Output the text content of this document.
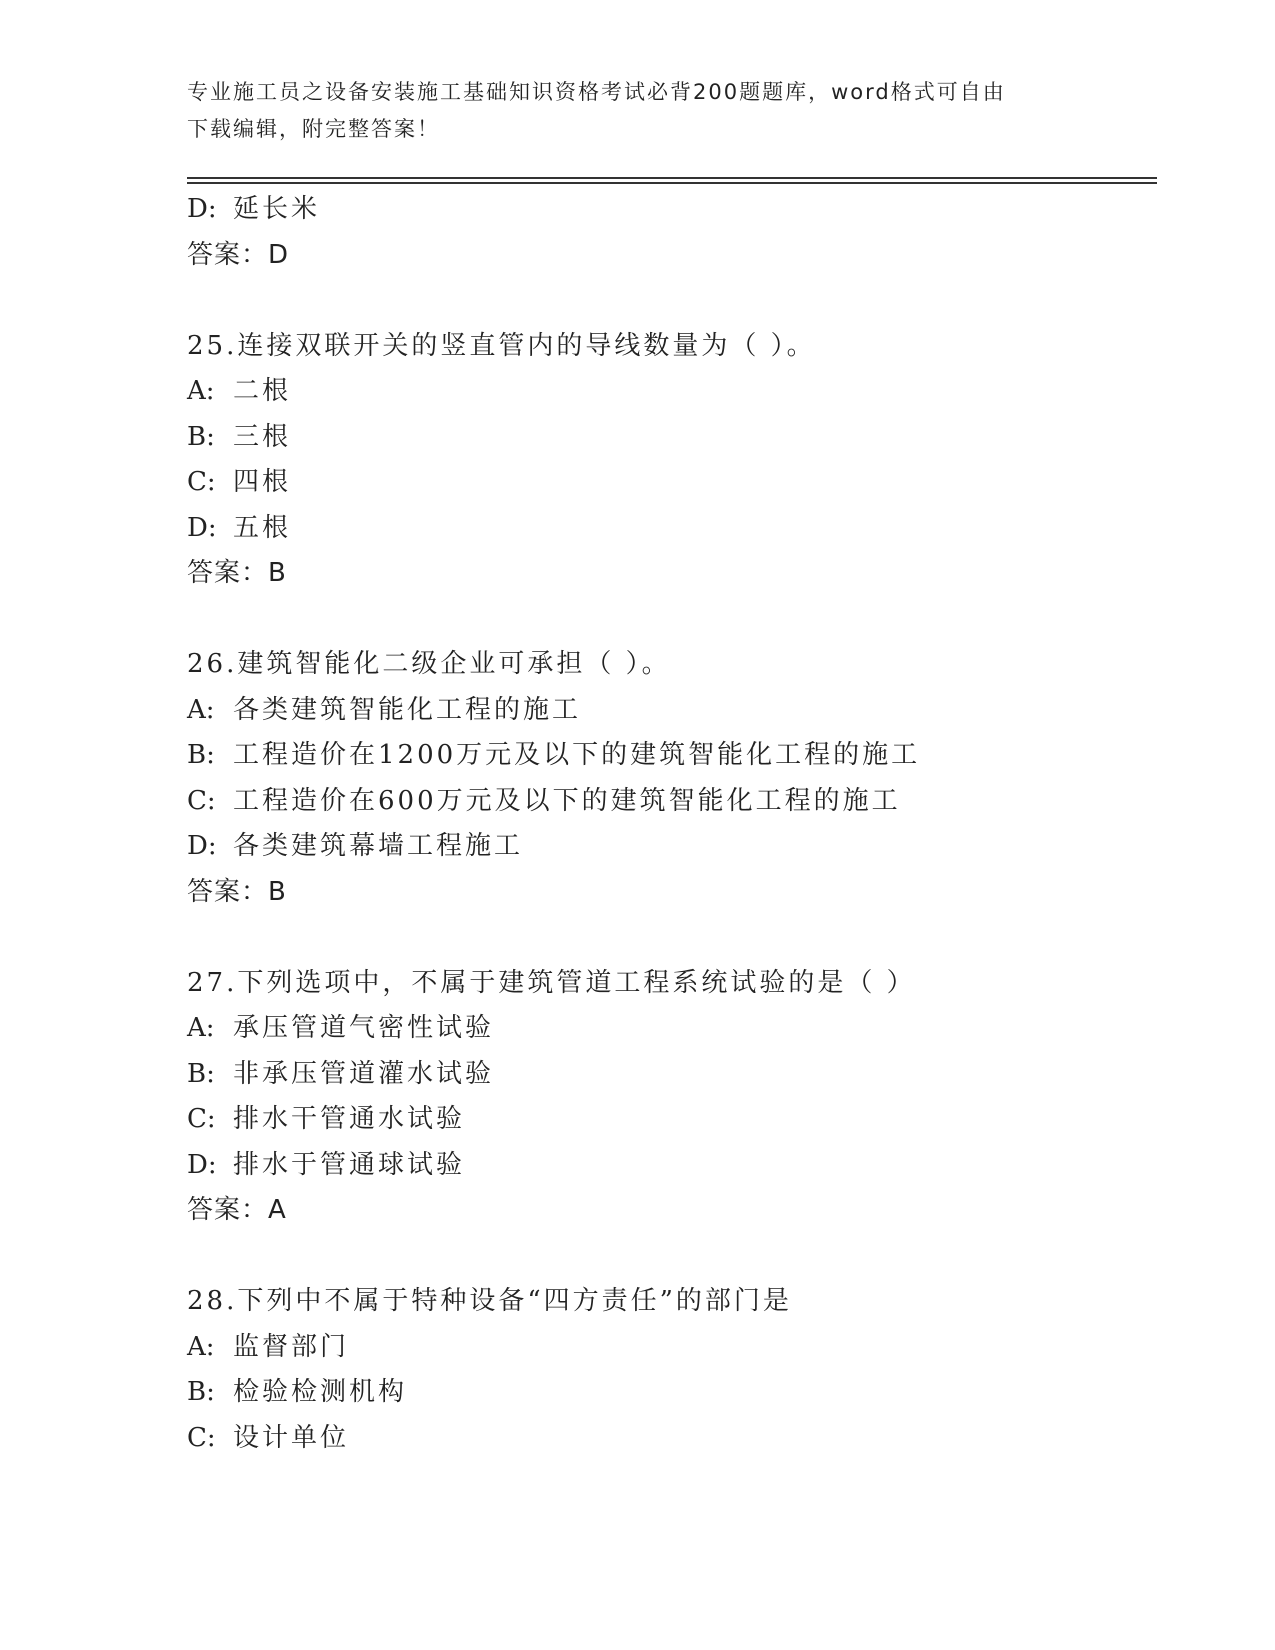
专业施工员之设备安装施工基础知识资格考试必背200题题库，word格式可自由
下载编辑，附完整答案！
D: 延长米
答案：D
25.连接双联开关的竖直管内的导线数量为（ ）。
A: 二根
B: 三根
C: 四根
D: 五根
答案：B
26.建筑智能化二级企业可承担（ ）。
A: 各类建筑智能化工程的施工
B: 工程造价在1200万元及以下的建筑智能化工程的施工
C: 工程造价在600万元及以下的建筑智能化工程的施工
D: 各类建筑幕墙工程施工
答案：B
27.下列选项中，不属于建筑管道工程系统试验的是（ ）
A: 承压管道气密性试验
B: 非承压管道灌水试验
C: 排水干管通水试验
D: 排水于管通球试验
答案：A
28.下列中不属于特种设备“四方责任”的部门是
A: 监督部门
B: 检验检测机构
C: 设计单位
